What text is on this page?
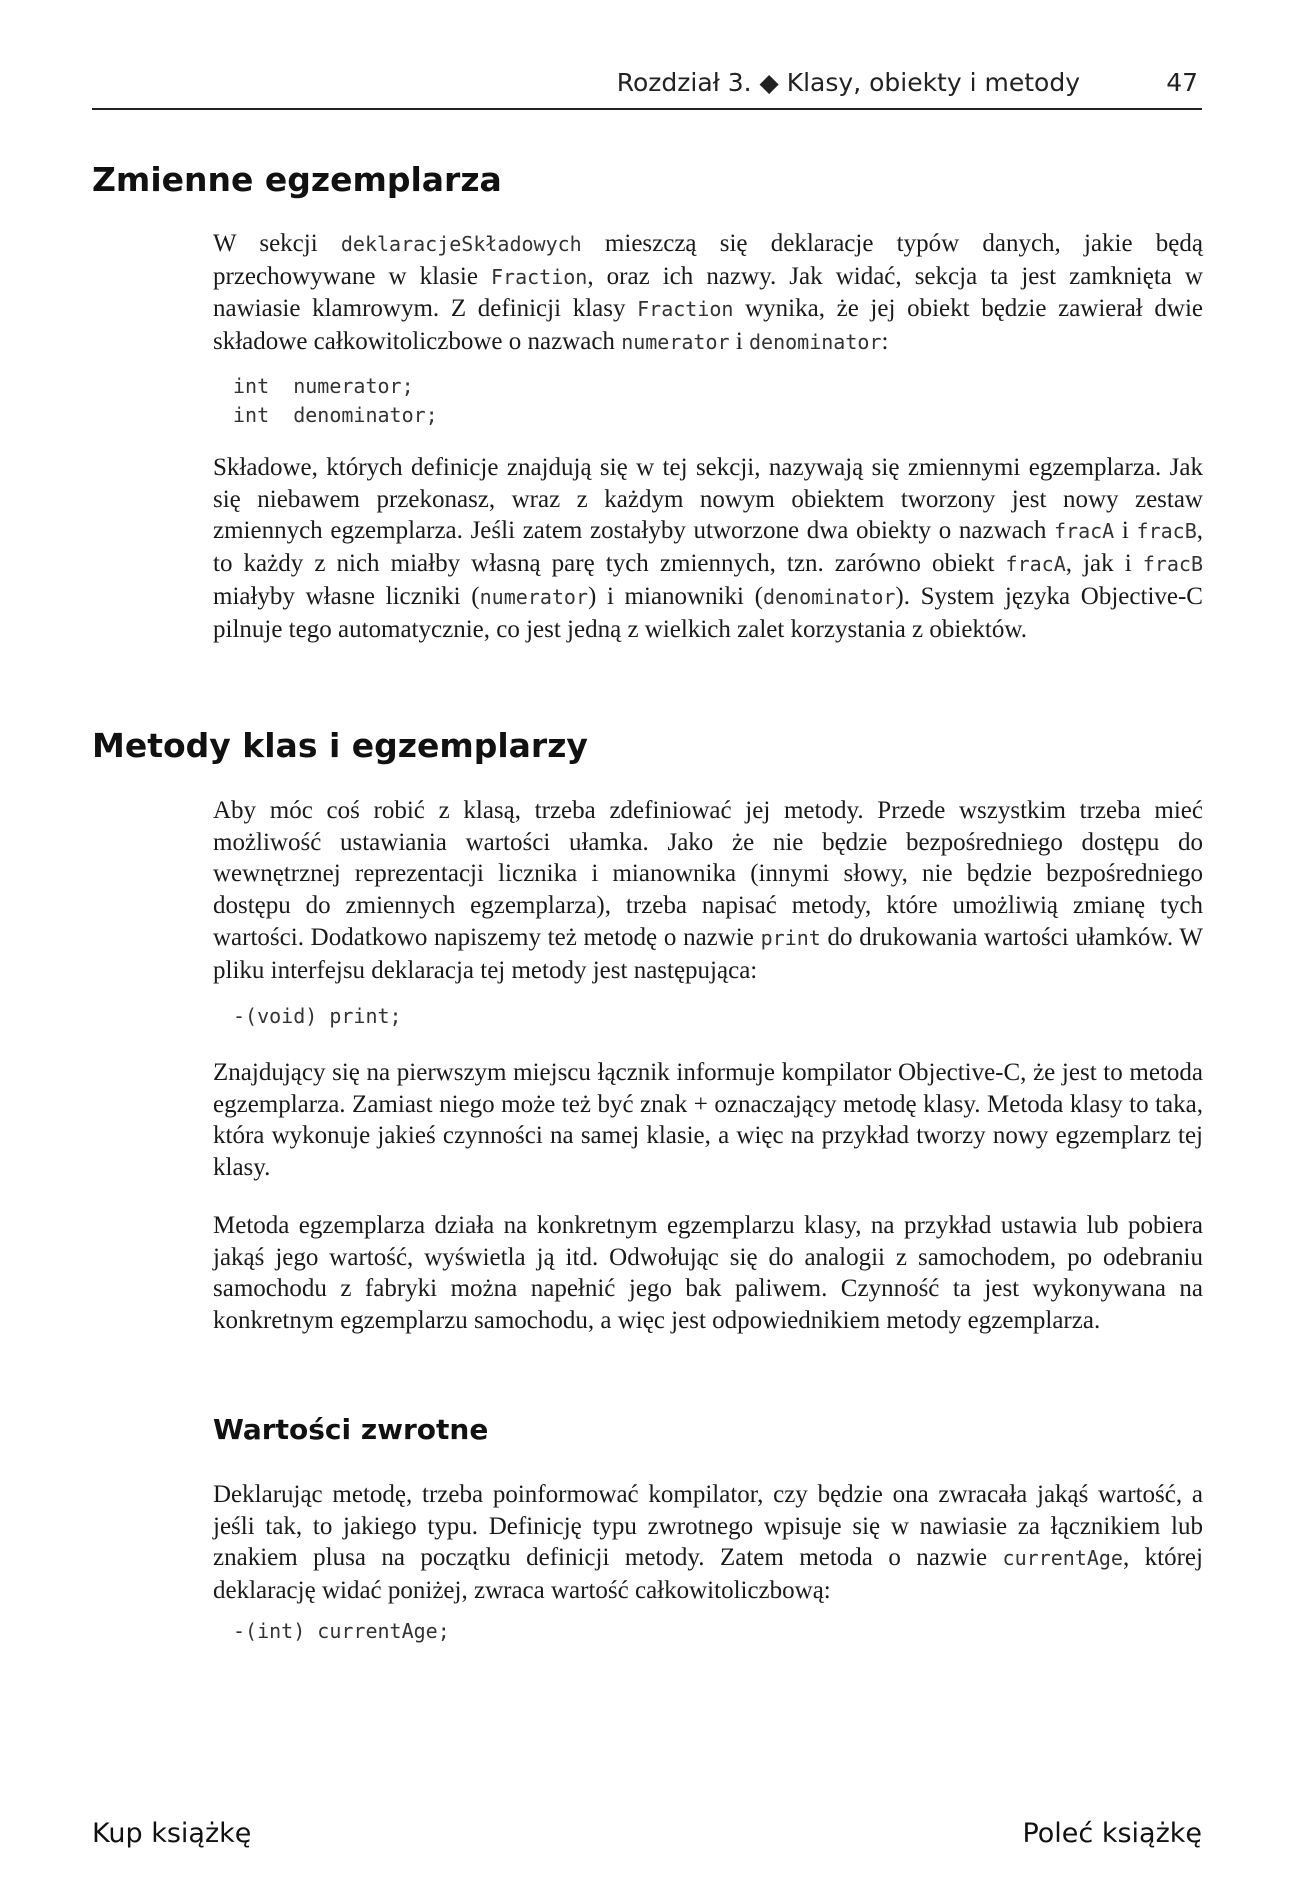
Rozdział 3. ◆ Klasy, obiekty i metody	47
Zmienne egzemplarza

W sekcji deklaracjeSkładowych mieszczą się deklaracje typów danych, jakie będą przechowywane w klasie Fraction, oraz ich nazwy. Jak widać, sekcja ta jest zamknięta w nawiasie klamrowym. Z definicji klasy Fraction wynika, że jej obiekt będzie zawierał dwie składowe całkowitoliczbowe o nazwach numerator i denominator:

int  numerator;
int  denominator;

Składowe, których definicje znajdują się w tej sekcji, nazywają się zmiennymi egzemplarza. Jak się niebawem przekonasz, wraz z każdym nowym obiektem tworzony jest nowy zestaw zmiennych egzemplarza. Jeśli zatem zostałyby utworzone dwa obiekty o nazwach fracA i fracB, to każdy z nich miałby własną parę tych zmiennych, tzn. zarówno obiekt fracA, jak i fracB miałyby własne liczniki (numerator) i mianowniki (denominator). System języka Objective-C pilnuje tego automatycznie, co jest jedną z wielkich zalet korzystania z obiektów.

Metody klas i egzemplarzy

Aby móc coś robić z klasą, trzeba zdefiniować jej metody. Przede wszystkim trzeba mieć możliwość ustawiania wartości ułamka. Jako że nie będzie bezpośredniego dostępu do wewnętrznej reprezentacji licznika i mianownika (innymi słowy, nie będzie bezpośredniego dostępu do zmiennych egzemplarza), trzeba napisać metody, które umożliwią zmianę tych wartości. Dodatkowo napiszemy też metodę o nazwie print do drukowania wartości ułamków. W pliku interfejsu deklaracja tej metody jest następująca:

-(void) print;

Znajdujący się na pierwszym miejscu łącznik informuje kompilator Objective-C, że jest to metoda egzemplarza. Zamiast niego może też być znak + oznaczający metodę klasy. Metoda klasy to taka, która wykonuje jakieś czynności na samej klasie, a więc na przykład tworzy nowy egzemplarz tej klasy.

Metoda egzemplarza działa na konkretnym egzemplarzu klasy, na przykład ustawia lub pobiera jakąś jego wartość, wyświetla ją itd. Odwołując się do analogii z samochodem, po odebraniu samochodu z fabryki można napełnić jego bak paliwem. Czynność ta jest wykonywana na konkretnym egzemplarzu samochodu, a więc jest odpowiednikiem metody egzemplarza.

Wartości zwrotne

Deklarując metodę, trzeba poinformować kompilator, czy będzie ona zwracała jakąś wartość, a jeśli tak, to jakiego typu. Definicję typu zwrotnego wpisuje się w nawiasie za łącznikiem lub znakiem plusa na początku definicji metody. Zatem metoda o nazwie currentAge, której deklarację widać poniżej, zwraca wartość całkowitoliczbową:

-(int) currentAge;
Kup książkę	Poleć książkę
